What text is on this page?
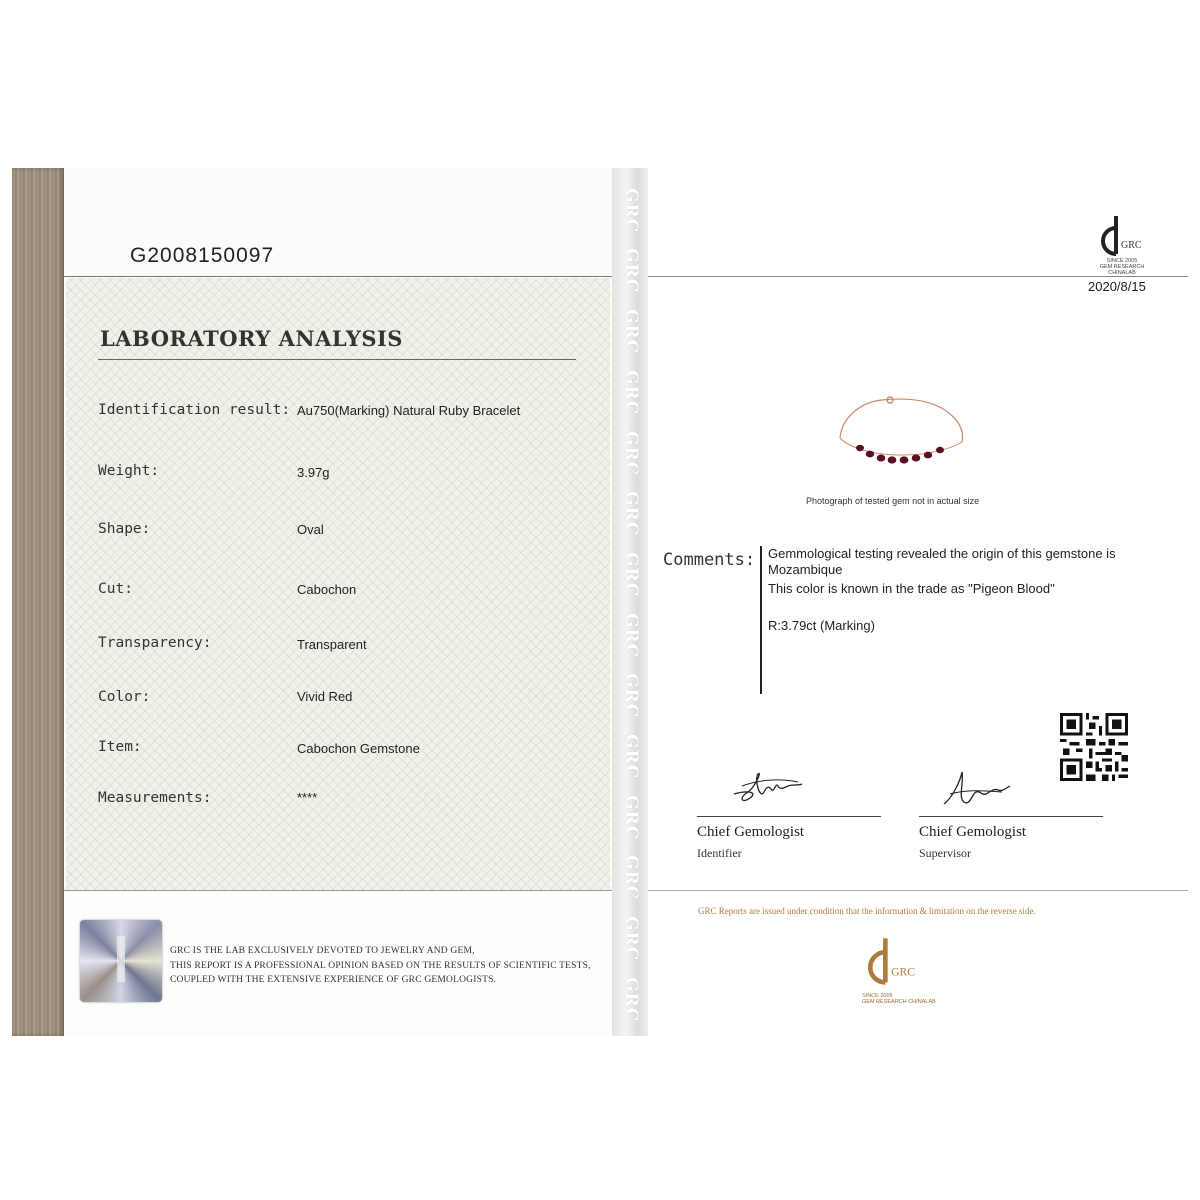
GRC
GRC
GRC
GRC
GRC
GRC
GRC
GRC
GRC
GRC
GRC
GRC
GRC
GRC
G2008150097
LABORATORY ANALYSIS
Identification result: Au750(Marking) Natural Ruby Bracelet
Weight:	3.97g
Shape:	Oval
Cut:	Cabochon
Transparency:	Transparent
Color:	Vivid Red
Item:	Cabochon Gemstone
Measurements:	****
GRC IS THE LAB EXCLUSIVELY DEVOTED TO JEWELRY AND GEM,
THIS REPORT IS A PROFESSIONAL OPINION BASED ON THE RESULTS OF SCIENTIFIC TESTS,
COUPLED WITH THE EXTENSIVE EXPERIENCE OF GRC GEMOLOGISTS.
GRC
SINCE 2005
GEM RESEARCH CHINALAB
2020/8/15
Photograph of tested gem not in actual size
Comments: Gemmological testing revealed the origin of this gemstone is
Mozambique
This color is known in the trade as "Pigeon Blood"
R:3.79ct (Marking)
Chief Gemologist
Identifier
Chief Gemologist
Supervisor
GRC Reports are issued under condition that the information & limitation on the reverse side.
GRC
SINCE 2005
GEM RESEARCH CHINALAB
